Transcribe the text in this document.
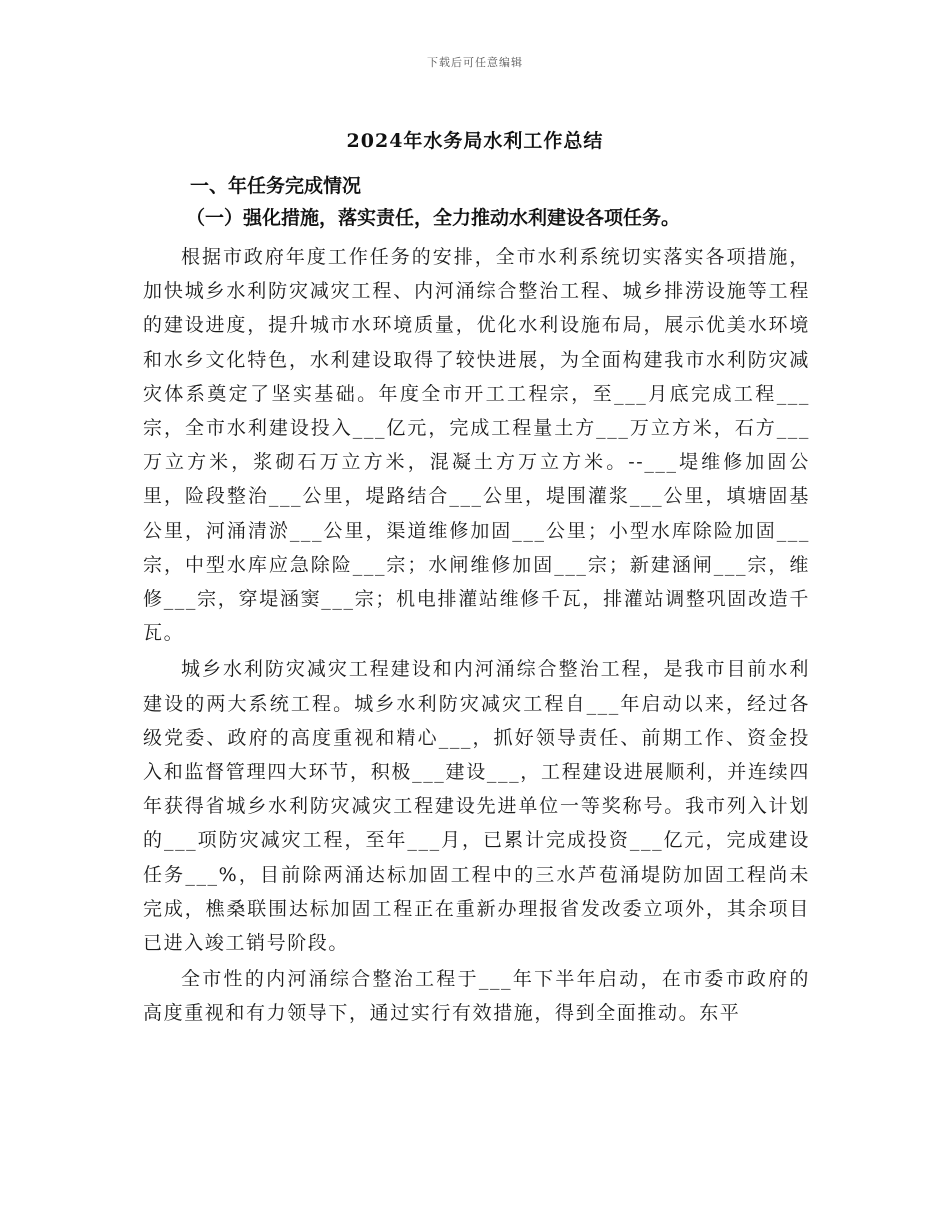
下载后可任意编辑
2024年水务局水利工作总结

一、年任务完成情况

（一）强化措施，落实责任，全力推动水利建设各项任务。

根据市政府年度工作任务的安排，全市水利系统切实落实各项措施，加快城乡水利防灾减灾工程、内河涌综合整治工程、城乡排涝设施等工程的建设进度，提升城市水环境质量，优化水利设施布局，展示优美水环境和水乡文化特色，水利建设取得了较快进展，为全面构建我市水利防灾减灾体系奠定了坚实基础。年度全市开工工程宗，至___月底完成工程___宗，全市水利建设投入___亿元，完成工程量土方___万立方米，石方___万立方米，浆砌石万立方米，混凝土方万立方米。--___堤维修加固公里，险段整治___公里，堤路结合___公里，堤围灌浆___公里，填塘固基公里，河涌清淤___公里，渠道维修加固___公里；小型水库除险加固___宗，中型水库应急除险___宗；水闸维修加固___宗；新建涵闸___宗，维修___宗，穿堤涵窦___宗；机电排灌站维修千瓦，排灌站调整巩固改造千瓦。

城乡水利防灾减灾工程建设和内河涌综合整治工程，是我市目前水利建设的两大系统工程。城乡水利防灾减灾工程自___年启动以来，经过各级党委、政府的高度重视和精心___，抓好领导责任、前期工作、资金投入和监督管理四大环节，积极___建设___，工程建设进展顺利，并连续四年获得省城乡水利防灾减灾工程建设先进单位一等奖称号。我市列入计划的___项防灾减灾工程，至年___月，已累计完成投资___亿元，完成建设任务___%，目前除两涌达标加固工程中的三水芦苞涌堤防加固工程尚未完成，樵桑联围达标加固工程正在重新办理报省发改委立项外，其余项目已进入竣工销号阶段。

全市性的内河涌综合整治工程于___年下半年启动，在市委市政府的高度重视和有力领导下，通过实行有效措施，得到全面推动。东平
